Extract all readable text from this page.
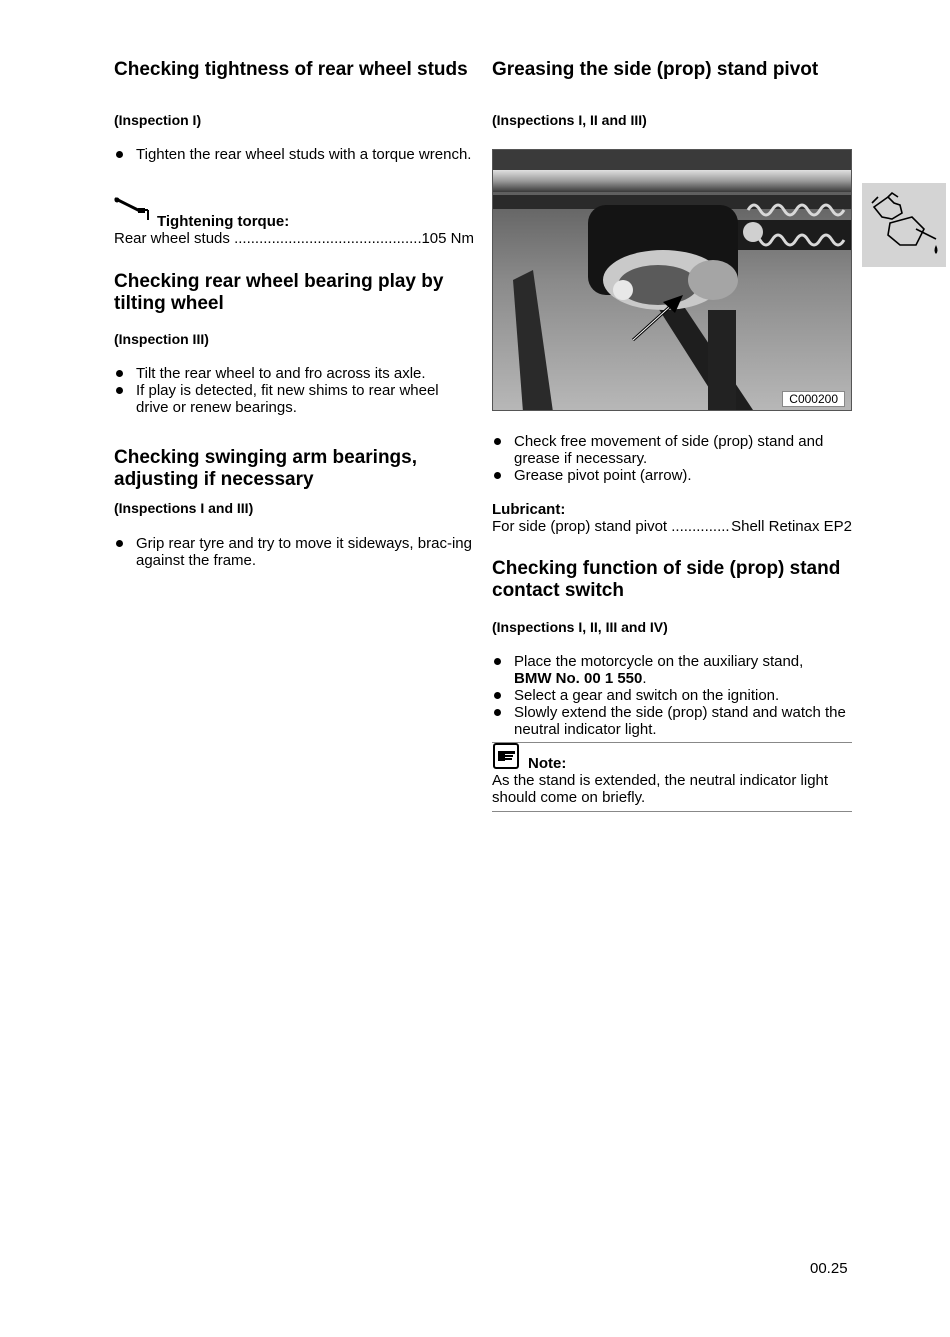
Checking tightness of rear wheel studs

(Inspection I)

Tighten the rear wheel studs with a torque wrench.
Tightening torque:
Rear wheel studs .....	105 Nm
Checking rear wheel bearing play by tilting wheel

(Inspection III)

Tilt the rear wheel to and fro across its axle.
If play is detected, fit new shims to rear wheel drive or renew bearings.
Checking swinging arm bearings, adjusting if necessary

(Inspections I and III)

Grip rear tyre and try to move it sideways, brac-ing against the frame.
Greasing the side (prop) stand pivot

(Inspections I, II and III)

C000200
Check free movement of side (prop) stand and grease if necessary.
Grease pivot point (arrow).
Lubricant:
For side (prop) stand pivot .....	Shell Retinax EP2
Checking function of side (prop) stand contact switch

(Inspections I, II, III and IV)

Place the motorcycle on the auxiliary stand,
BMW No. 00 1 550.
Select a gear and switch on the ignition.
Slowly extend the side (prop) stand and watch the neutral indicator light.
Note:
As the stand is extended, the neutral indicator light should come on briefly.
00.25
